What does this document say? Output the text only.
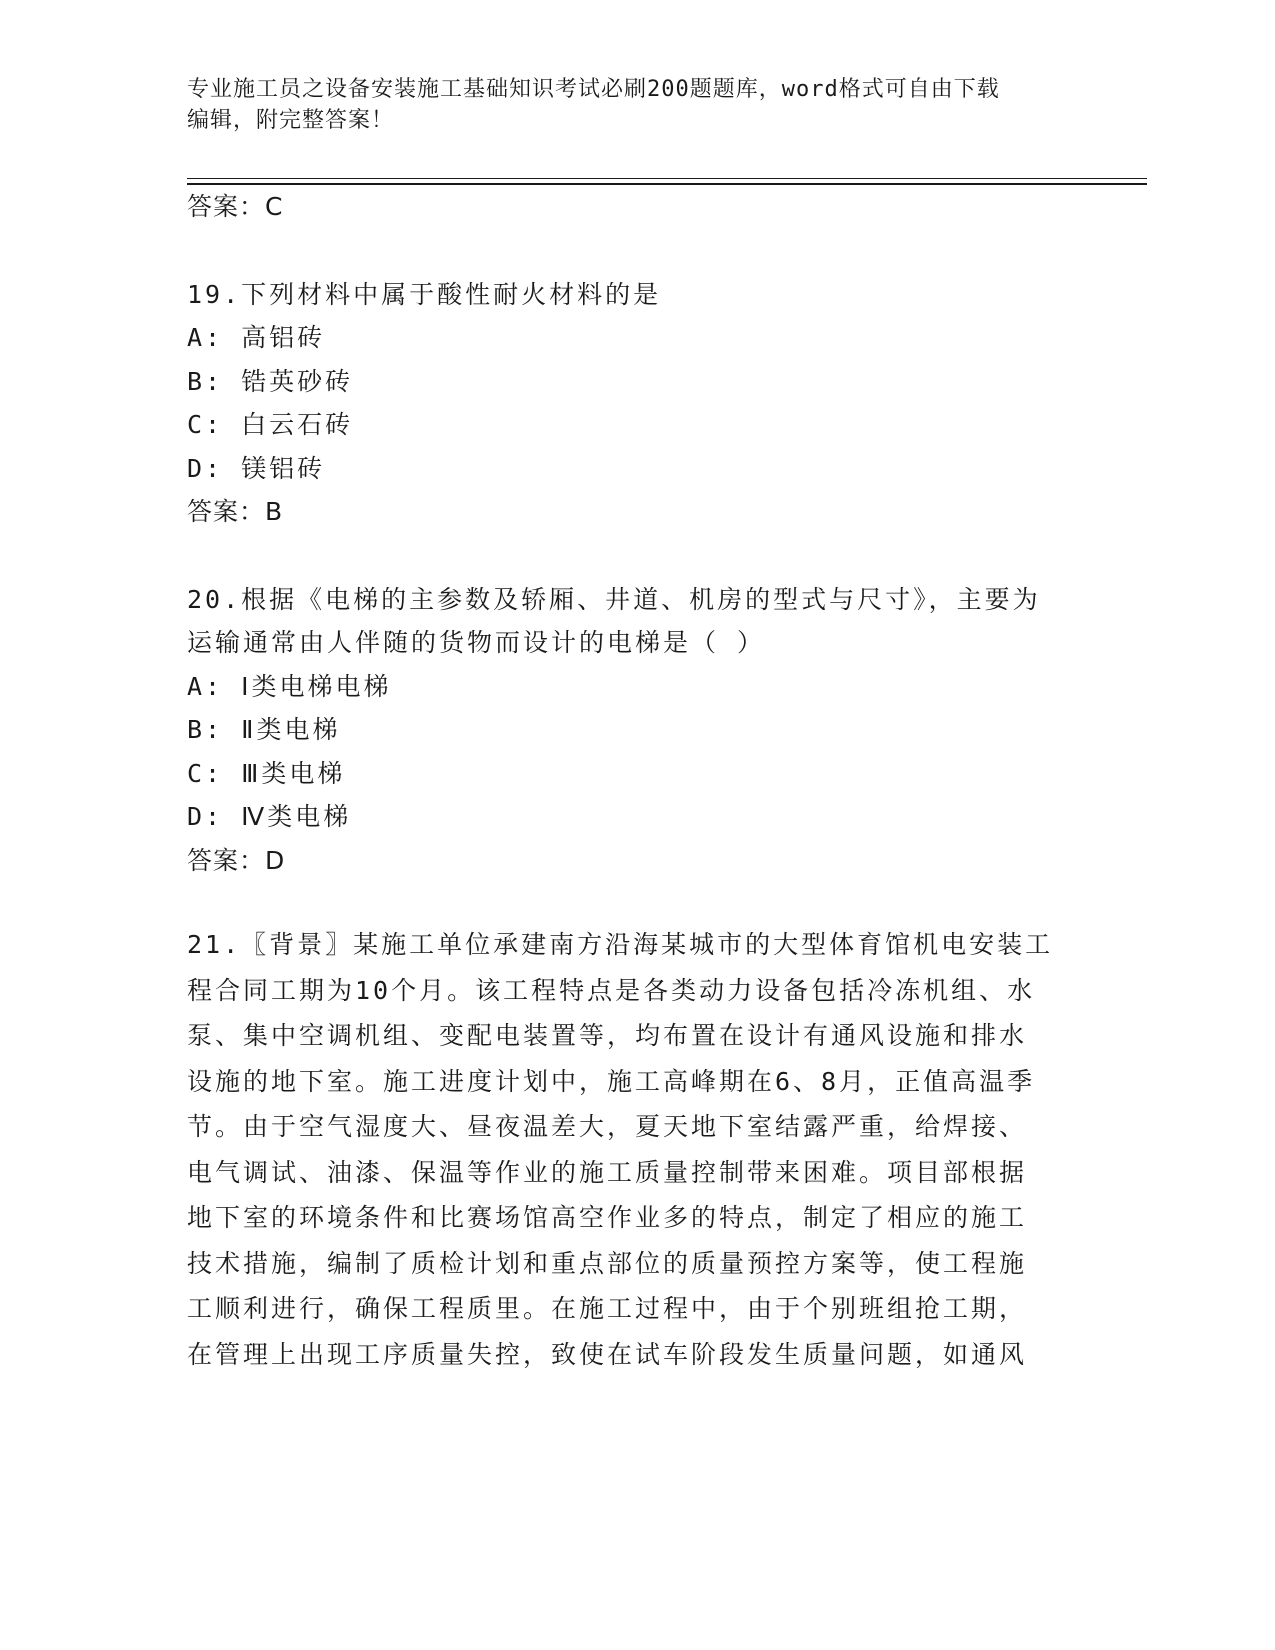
专业施工员之设备安装施工基础知识考试必刷200题题库，word格式可自由下载
编辑，附完整答案！
答案：C
19.下列材料中属于酸性耐火材料的是
A: 高铝砖
B: 锆英砂砖
C: 白云石砖
D: 镁铝砖
答案：B
20.根据《电梯的主参数及轿厢、井道、机房的型式与尺寸》，主要为
运输通常由人伴随的货物而设计的电梯是（ ）
A: Ⅰ类电梯电梯
B: Ⅱ类电梯
C: Ⅲ类电梯
D: Ⅳ类电梯
答案：D
21.〖背景〗某施工单位承建南方沿海某城市的大型体育馆机电安装工
程合同工期为10个月。该工程特点是各类动力设备包括冷冻机组、水
泵、集中空调机组、变配电装置等，均布置在设计有通风设施和排水
设施的地下室。施工进度计划中，施工高峰期在6、8月，正值高温季
节。由于空气湿度大、昼夜温差大，夏天地下室结露严重，给焊接、
电气调试、油漆、保温等作业的施工质量控制带来困难。项目部根据
地下室的环境条件和比赛场馆高空作业多的特点，制定了相应的施工
技术措施，编制了质检计划和重点部位的质量预控方案等，使工程施
工顺利进行，确保工程质里。在施工过程中，由于个别班组抢工期，
在管理上出现工序质量失控，致使在试车阶段发生质量问题，如通风
